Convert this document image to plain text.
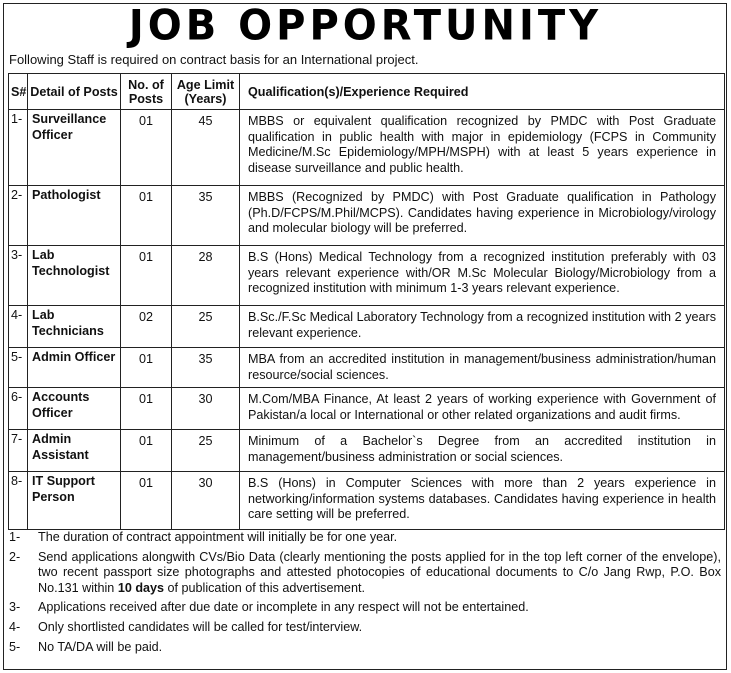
JOB OPPORTUNITY
Following Staff is required on contract basis for an International project.
S#	Detail of Posts	No. of Posts	Age Limit (Years)	Qualification(s)/Experience Required
1-	Surveillance Officer	01	45	MBBS or equivalent qualification recognized by PMDC with Post Graduate qualification in public health with major in epidemiology (FCPS in Community Medicine/M.Sc Epidemiology/MPH/MSPH) with at least 5 years experience in disease surveillance and public health.
2-	Pathologist	01	35	MBBS (Recognized by PMDC) with Post Graduate qualification in Pathology (Ph.D/FCPS/M.Phil/MCPS). Candidates having experience in Microbiology/virology and molecular biology will be preferred.
3-	Lab Technologist	01	28	B.S (Hons) Medical Technology from a recognized institution preferably with 03 years relevant experience with/OR M.Sc Molecular Biology/Microbiology from a recognized institution with minimum 1-3 years relevant experience.
4-	Lab Technicians	02	25	B.Sc./F.Sc Medical Laboratory Technology from a recognized institution with 2 years relevant experience.
5-	Admin Officer	01	35	MBA from an accredited institution in management/business administration/human resource/social sciences.
6-	Accounts Officer	01	30	M.Com/MBA Finance, At least 2 years of working experience with Government of Pakistan/a local or International or other related organizations and audit firms.
7-	Admin Assistant	01	25	Minimum of a Bachelor`s Degree from an accredited institution in management/business administration or social sciences.
8-	IT Support Person	01	30	B.S (Hons) in Computer Sciences with more than 2 years experience in networking/information systems databases. Candidates having experience in health care setting will be preferred.
1- The duration of contract appointment will initially be for one year.
2- Send applications alongwith CVs/Bio Data (clearly mentioning the posts applied for in the top left corner of the envelope), two recent passport size photographs and attested photocopies of educational documents to C/o Jang Rwp, P.O. Box No.131 within 10 days of publication of this advertisement.
3- Applications received after due date or incomplete in any respect will not be entertained.
4- Only shortlisted candidates will be called for test/interview.
5- No TA/DA will be paid.
